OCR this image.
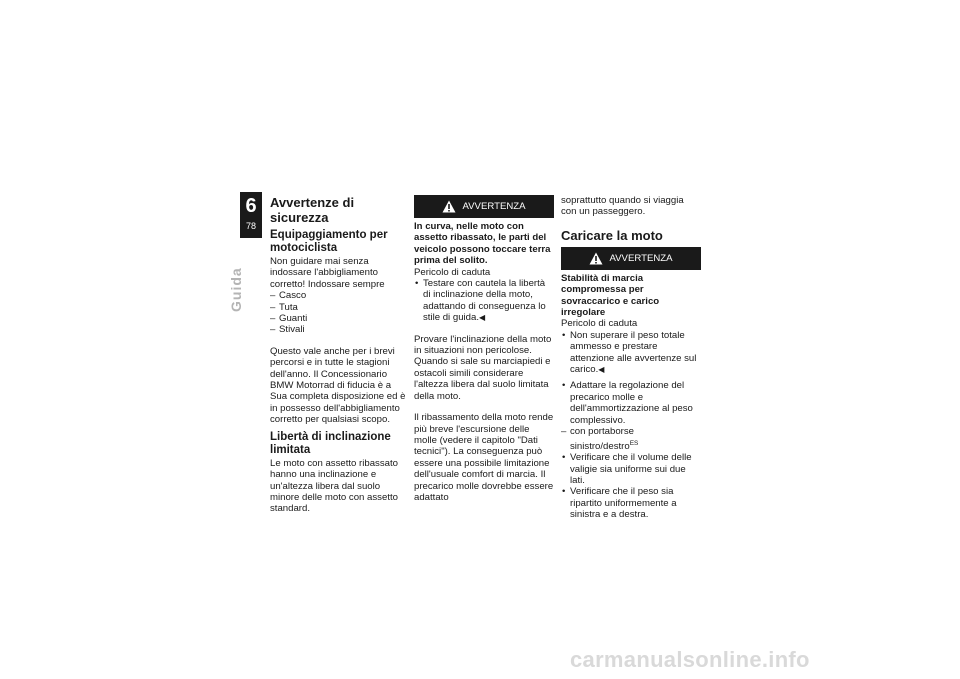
6
78
Guida
Avvertenze di sicurezza
Equipaggiamento per motociclista

Non guidare mai senza indossare l'abbigliamento corretto! Indossare sempre

– Casco
– Tuta
– Guanti
– Stivali

Questo vale anche per i brevi percorsi e in tutte le stagioni dell'anno. Il Concessionario BMW Motorrad di fiducia è a Sua completa disposizione ed è in possesso dell'abbigliamento corretto per qualsiasi scopo.

Libertà di inclinazione limitata

Le moto con assetto ribassato hanno una inclinazione e un'altezza libera dal suolo minore delle moto con assetto standard.

AVVERTENZA

In curva, nelle moto con assetto ribassato, le parti del veicolo possono toccare terra prima del solito.

Pericolo di caduta

• Testare con cautela la libertà di inclinazione della moto, adattando di conseguenza lo stile di guida.◀

Provare l'inclinazione della moto in situazioni non pericolose. Quando si sale su marciapiedi e ostacoli simili considerare l'altezza libera dal suolo limitata della moto.

Il ribassamento della moto rende più breve l'escursione delle molle (vedere il capitolo "Dati tecnici"). La conseguenza può essere una possibile limitazione dell'usuale comfort di marcia. Il precarico molle dovrebbe essere adattato

soprattutto quando si viaggia con un passeggero.

Caricare la moto
AVVERTENZA

Stabilità di marcia compromessa per sovraccarico e carico irregolare

Pericolo di caduta

• Non superare il peso totale ammesso e prestare attenzione alle avvertenze sul carico.◀
• Adattare la regolazione del precarico molle e dell'ammortizzazione al peso complessivo.
– con portaborse sinistro/destro$^{ES}$
• Verificare che il volume delle valigie sia uniforme sui due lati.
• Verificare che il peso sia ripartito uniformemente a sinistra e a destra.
carmanualsonline.info
